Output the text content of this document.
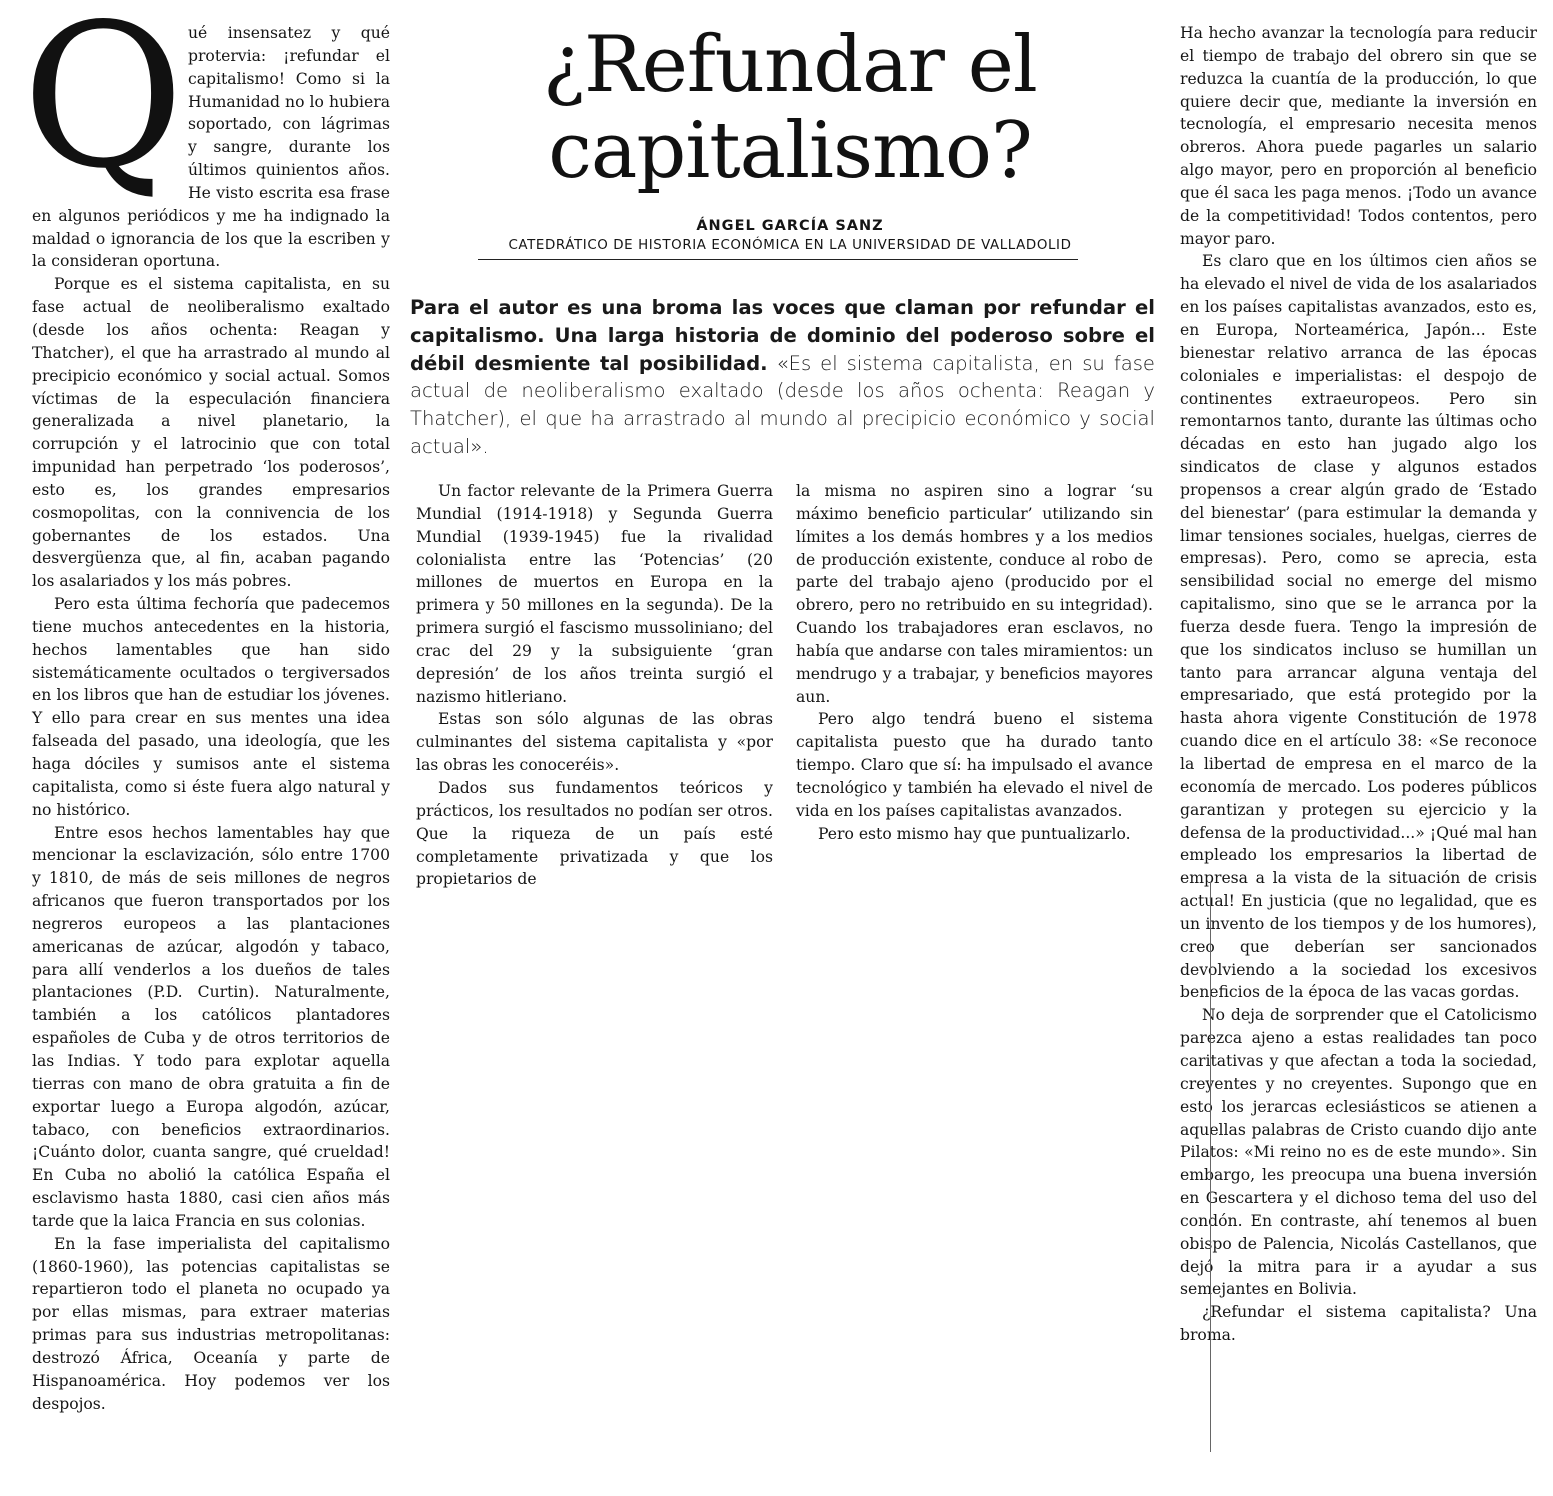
¿Refundar el capitalismo?
ÁNGEL GARCÍA SANZ
CATEDRÁTICO DE HISTORIA ECONÓMICA EN LA UNIVERSIDAD DE VALLADOLID
Para el autor es una broma las voces que claman por refundar el capitalismo. Una larga historia de dominio del poderoso sobre el débil desmiente tal posibilidad. «Es el sistema capitalista, en su fase actual de neoliberalismo exaltado (desde los años ochenta: Reagan y Thatcher), el que ha arrastrado al mundo al precipicio económico y social actual».

Qué insensatez y qué protervia: ¡refundar el capitalismo! Como si la Humanidad no lo hubiera soportado, con lágrimas y sangre, durante los últimos quinientos años. He visto escrita esa frase en algunos periódicos y me ha indignado la maldad o ignorancia de los que la escriben y la consideran oportuna.

Porque es el sistema capitalista, en su fase actual de neoliberalismo exaltado (desde los años ochenta: Reagan y Thatcher), el que ha arrastrado al mundo al precipicio económico y social actual. Somos víctimas de la especulación financiera generalizada a nivel planetario, la corrupción y el latrocinio que con total impunidad han perpetrado ‘los poderosos’, esto es, los grandes empresarios cosmopolitas, con la connivencia de los gobernantes de los estados. Una desvergüenza que, al fin, acaban pagando los asalariados y los más pobres.

Pero esta última fechoría que padecemos tiene muchos antecedentes en la historia, hechos lamentables que han sido sistemáticamente ocultados o tergiversados en los libros que han de estudiar los jóvenes. Y ello para crear en sus mentes una idea falseada del pasado, una ideología, que les haga dóciles y sumisos ante el sistema capitalista, como si éste fuera algo natural y no histórico.

Entre esos hechos lamentables hay que mencionar la esclavización, sólo entre 1700 y 1810, de más de seis millones de negros africanos que fueron transportados por los negreros europeos a las plantaciones americanas de azúcar, algodón y tabaco, para allí venderlos a los dueños de tales plantaciones (P.D. Curtin). Naturalmente, también a los católicos plantadores españoles de Cuba y de otros territorios de las Indias. Y todo para explotar aquella tierras con mano de obra gratuita a fin de exportar luego a Europa algodón, azúcar, tabaco, con beneficios extraordinarios. ¡Cuánto dolor, cuanta sangre, qué crueldad! En Cuba no abolió la católica España el esclavismo hasta 1880, casi cien años más tarde que la laica Francia en sus colonias.

En la fase imperialista del capitalismo (1860-1960), las potencias capitalistas se repartieron todo el planeta no ocupado ya por ellas mismas, para extraer materias primas para sus industrias metropolitanas: destrozó África, Oceanía y parte de Hispanoamérica. Hoy podemos ver los despojos.

Un factor relevante de la Primera Guerra Mundial (1914-1918) y Segunda Guerra Mundial (1939-1945) fue la rivalidad colonialista entre las ‘Potencias’ (20 millones de muertos en Europa en la primera y 50 millones en la segunda). De la primera surgió el fascismo mussoliniano; del crac del 29 y la subsiguiente ‘gran depresión’ de los años treinta surgió el nazismo hitleriano.

Estas son sólo algunas de las obras culminantes del sistema capitalista y «por las obras les conoceréis».

Dados sus fundamentos teóricos y prácticos, los resultados no podían ser otros. Que la riqueza de un país esté completamente privatizada y que los propietarios de

la misma no aspiren sino a lograr ‘su máximo beneficio particular’ utilizando sin límites a los demás hombres y a los medios de producción existente, conduce al robo de parte del trabajo ajeno (producido por el obrero, pero no retribuido en su integridad). Cuando los trabajadores eran esclavos, no había que andarse con tales miramientos: un mendrugo y a trabajar, y beneficios mayores aun.

Pero algo tendrá bueno el sistema capitalista puesto que ha durado tanto tiempo. Claro que sí: ha impulsado el avance tecnológico y también ha elevado el nivel de vida en los países capitalistas avanzados.

Pero esto mismo hay que puntualizarlo.

Ha hecho avanzar la tecnología para reducir el tiempo de trabajo del obrero sin que se reduzca la cuantía de la producción, lo que quiere decir que, mediante la inversión en tecnología, el empresario necesita menos obreros. Ahora puede pagarles un salario algo mayor, pero en proporción al beneficio que él saca les paga menos. ¡Todo un avance de la competitividad! Todos contentos, pero mayor paro.

Es claro que en los últimos cien años se ha elevado el nivel de vida de los asalariados en los países capitalistas avanzados, esto es, en Europa, Norteamérica, Japón... Este bienestar relativo arranca de las épocas coloniales e imperialistas: el despojo de continentes extraeuropeos. Pero sin remontarnos tanto, durante las últimas ocho décadas en esto han jugado algo los sindicatos de clase y algunos estados propensos a crear algún grado de ‘Estado del bienestar’ (para estimular la demanda y limar tensiones sociales, huelgas, cierres de empresas). Pero, como se aprecia, esta sensibilidad social no emerge del mismo capitalismo, sino que se le arranca por la fuerza desde fuera. Tengo la impresión de que los sindicatos incluso se humillan un tanto para arrancar alguna ventaja del empresariado, que está protegido por la hasta ahora vigente Constitución de 1978 cuando dice en el artículo 38: «Se reconoce la libertad de empresa en el marco de la economía de mercado. Los poderes públicos garantizan y protegen su ejercicio y la defensa de la productividad...» ¡Qué mal han empleado los empresarios la libertad de empresa a la vista de la situación de crisis actual! En justicia (que no legalidad, que es un invento de los tiempos y de los humores), creo que deberían ser sancionados devolviendo a la sociedad los excesivos beneficios de la época de las vacas gordas.

No deja de sorprender que el Catolicismo parezca ajeno a estas realidades tan poco caritativas y que afectan a toda la sociedad, creyentes y no creyentes. Supongo que en esto los jerarcas eclesiásticos se atienen a aquellas palabras de Cristo cuando dijo ante Pilatos: «Mi reino no es de este mundo». Sin embargo, les preocupa una buena inversión en Gescartera y el dichoso tema del uso del condón. En contraste, ahí tenemos al buen obispo de Palencia, Nicolás Castellanos, que dejó la mitra para ir a ayudar a sus semejantes en Bolivia.

¿Refundar el sistema capitalista? Una broma.
